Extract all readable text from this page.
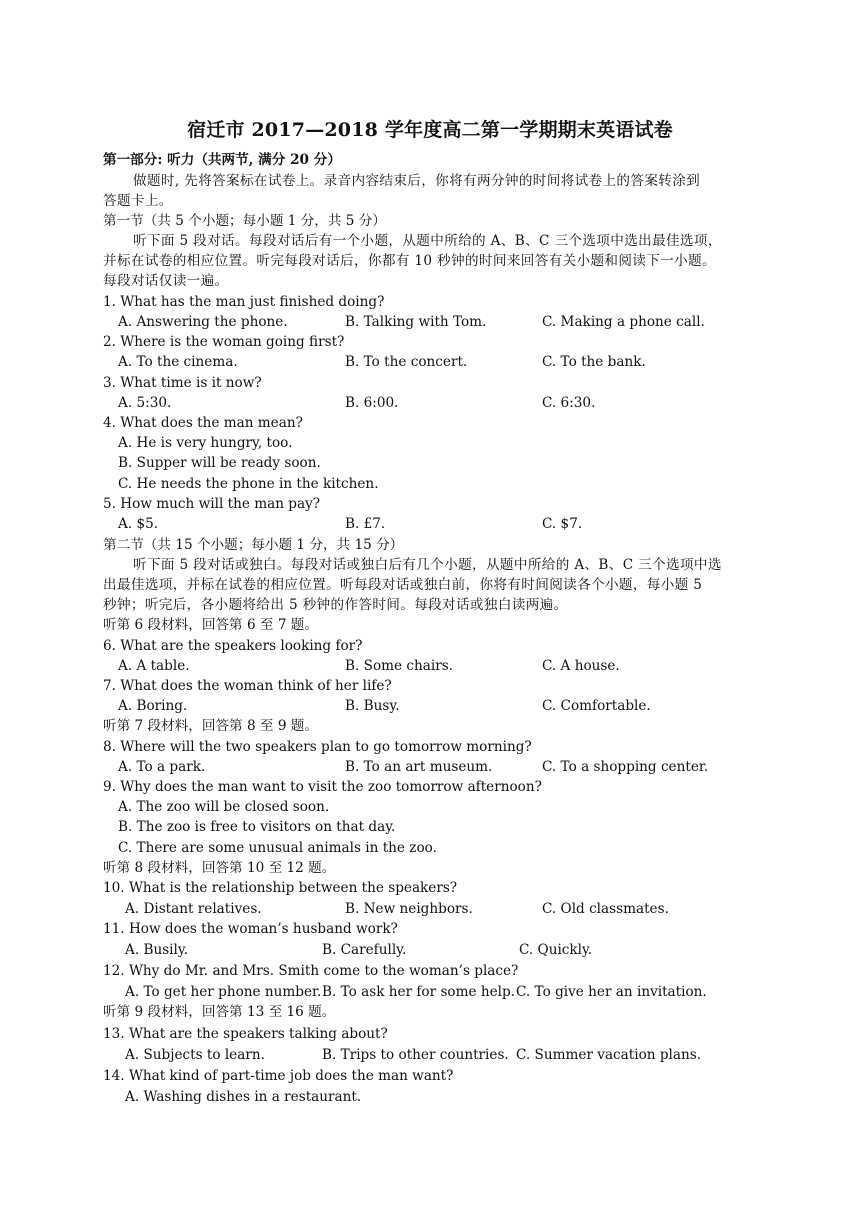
宿迁市 2017—2018 学年度高二第一学期期末英语试卷
第一部分: 听力（共两节, 满分 20 分）
做题时, 先将答案标在试卷上。录音内容结束后，你将有两分钟的时间将试卷上的答案转涂到
答题卡上。
第一节（共 5 个小题；每小题 1 分，共 5 分）
听下面 5 段对话。每段对话后有一个小题，从题中所给的 A、B、C 三个选项中选出最佳选项，
并标在试卷的相应位置。听完每段对话后，你都有 10 秒钟的时间来回答有关小题和阅读下一小题。
每段对话仅读一遍。
1. What has the man just finished doing?
A. Answering the phone.	B. Talking with Tom.	C. Making a phone call.
2. Where is the woman going first?
A. To the cinema.	B. To the concert.	C. To the bank.
3. What time is it now?
A. 5:30.	B. 6:00.	C. 6:30.
4. What does the man mean?
A. He is very hungry, too.
B. Supper will be ready soon.
C. He needs the phone in the kitchen.
5. How much will the man pay?
A. $5.	B. £7.	C. $7.
第二节（共 15 个小题；每小题 1 分，共 15 分）
听下面 5 段对话或独白。每段对话或独白后有几个小题，从题中所给的 A、B、C 三个选项中选
出最佳选项，并标在试卷的相应位置。听每段对话或独白前，你将有时间阅读各个小题，每小题 5
秒钟；听完后，各小题将给出 5 秒钟的作答时间。每段对话或独白读两遍。
听第 6 段材料，回答第 6 至 7 题。
6. What are the speakers looking for?
A. A table.	B. Some chairs.	C. A house.
7. What does the woman think of her life?
A. Boring.	B. Busy.	C. Comfortable.
听第 7 段材料，回答第 8 至 9 题。
8. Where will the two speakers plan to go tomorrow morning?
A. To a park.	B. To an art museum.	C. To a shopping center.
9. Why does the man want to visit the zoo tomorrow afternoon?
A. The zoo will be closed soon.
B. The zoo is free to visitors on that day.
C. There are some unusual animals in the zoo.
听第 8 段材料，回答第 10 至 12 题。
10. What is the relationship between the speakers?
A. Distant relatives.	B. New neighbors.	C. Old classmates.
11. How does the woman’s husband work?
A. Busily.	B. Carefully.	C. Quickly.
12. Why do Mr. and Mrs. Smith come to the woman’s place?
A. To get her phone number. B. To ask her for some help. C. To give her an invitation.
听第 9 段材料，回答第 13 至 16 题。
13. What are the speakers talking about?
A. Subjects to learn.	B. Trips to other countries. C. Summer vacation plans.
14. What kind of part-time job does the man want?
A. Washing dishes in a restaurant.
